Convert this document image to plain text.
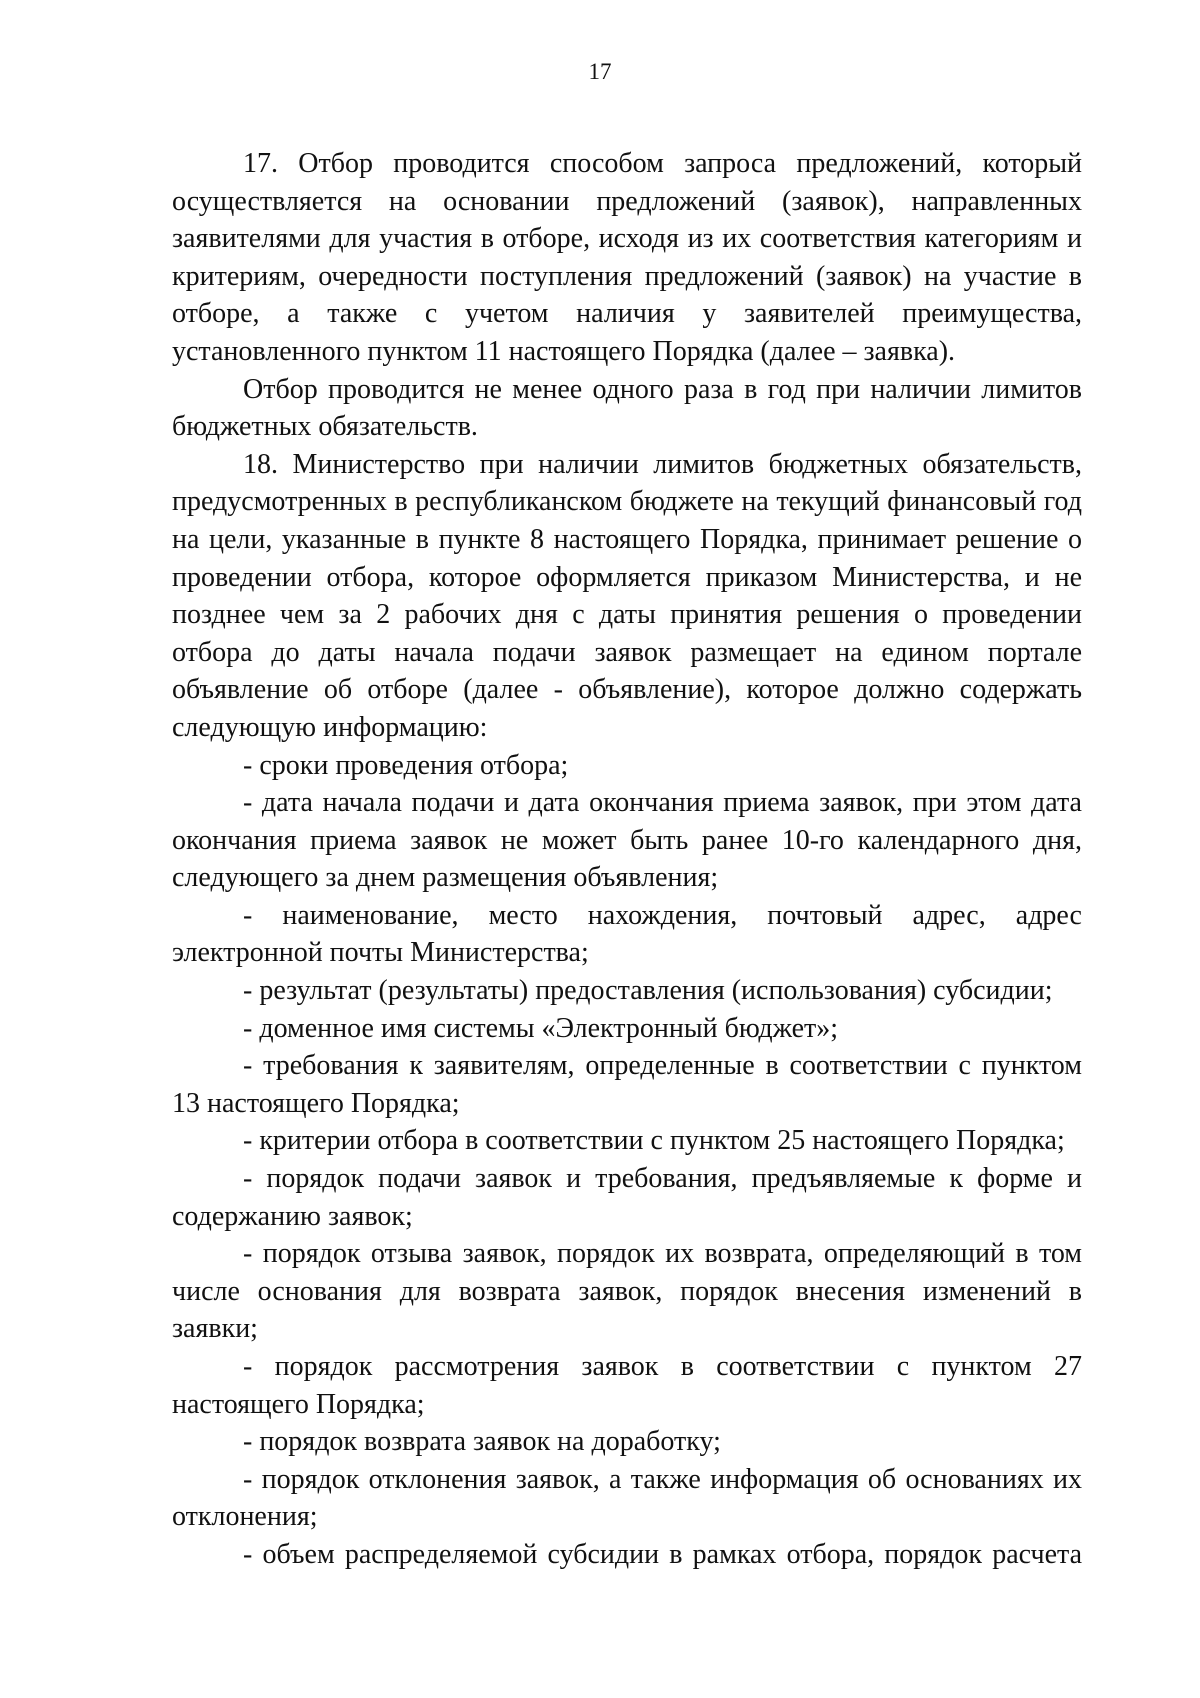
17

17. Отбор проводится способом запроса предложений, который осуществляется на основании предложений (заявок), направленных заявителями для участия в отборе, исходя из их соответствия категориям и критериям, очередности поступления предложений (заявок) на участие в отборе, а также с учетом наличия у заявителей преимущества, установленного пунктом 11 настоящего Порядка (далее – заявка).

Отбор проводится не менее одного раза в год при наличии лимитов бюджетных обязательств.

18. Министерство при наличии лимитов бюджетных обязательств, предусмотренных в республиканском бюджете на текущий финансовый год на цели, указанные в пункте 8 настоящего Порядка, принимает решение о проведении отбора, которое оформляется приказом Министерства, и не позднее чем за 2 рабочих дня с даты принятия решения о проведении отбора до даты начала подачи заявок размещает на едином портале объявление об отборе (далее - объявление), которое должно содержать следующую информацию:

- сроки проведения отбора;

- дата начала подачи и дата окончания приема заявок, при этом дата окончания приема заявок не может быть ранее 10-го календарного дня, следующего за днем размещения объявления;

- наименование, место нахождения, почтовый адрес, адрес электронной почты Министерства;

- результат (результаты) предоставления (использования) субсидии;

- доменное имя системы «Электронный бюджет»;

- требования к заявителям, определенные в соответствии с пунктом 13 настоящего Порядка;

- критерии отбора в соответствии с пунктом 25 настоящего Порядка;

- порядок подачи заявок и требования, предъявляемые к форме и содержанию заявок;

- порядок отзыва заявок, порядок их возврата, определяющий в том числе основания для возврата заявок, порядок внесения изменений в заявки;

- порядок рассмотрения заявок в соответствии с пунктом 27 настоящего Порядка;

- порядок возврата заявок на доработку;

- порядок отклонения заявок, а также информация об основаниях их отклонения;

- объем распределяемой субсидии в рамках отбора, порядок расчета
